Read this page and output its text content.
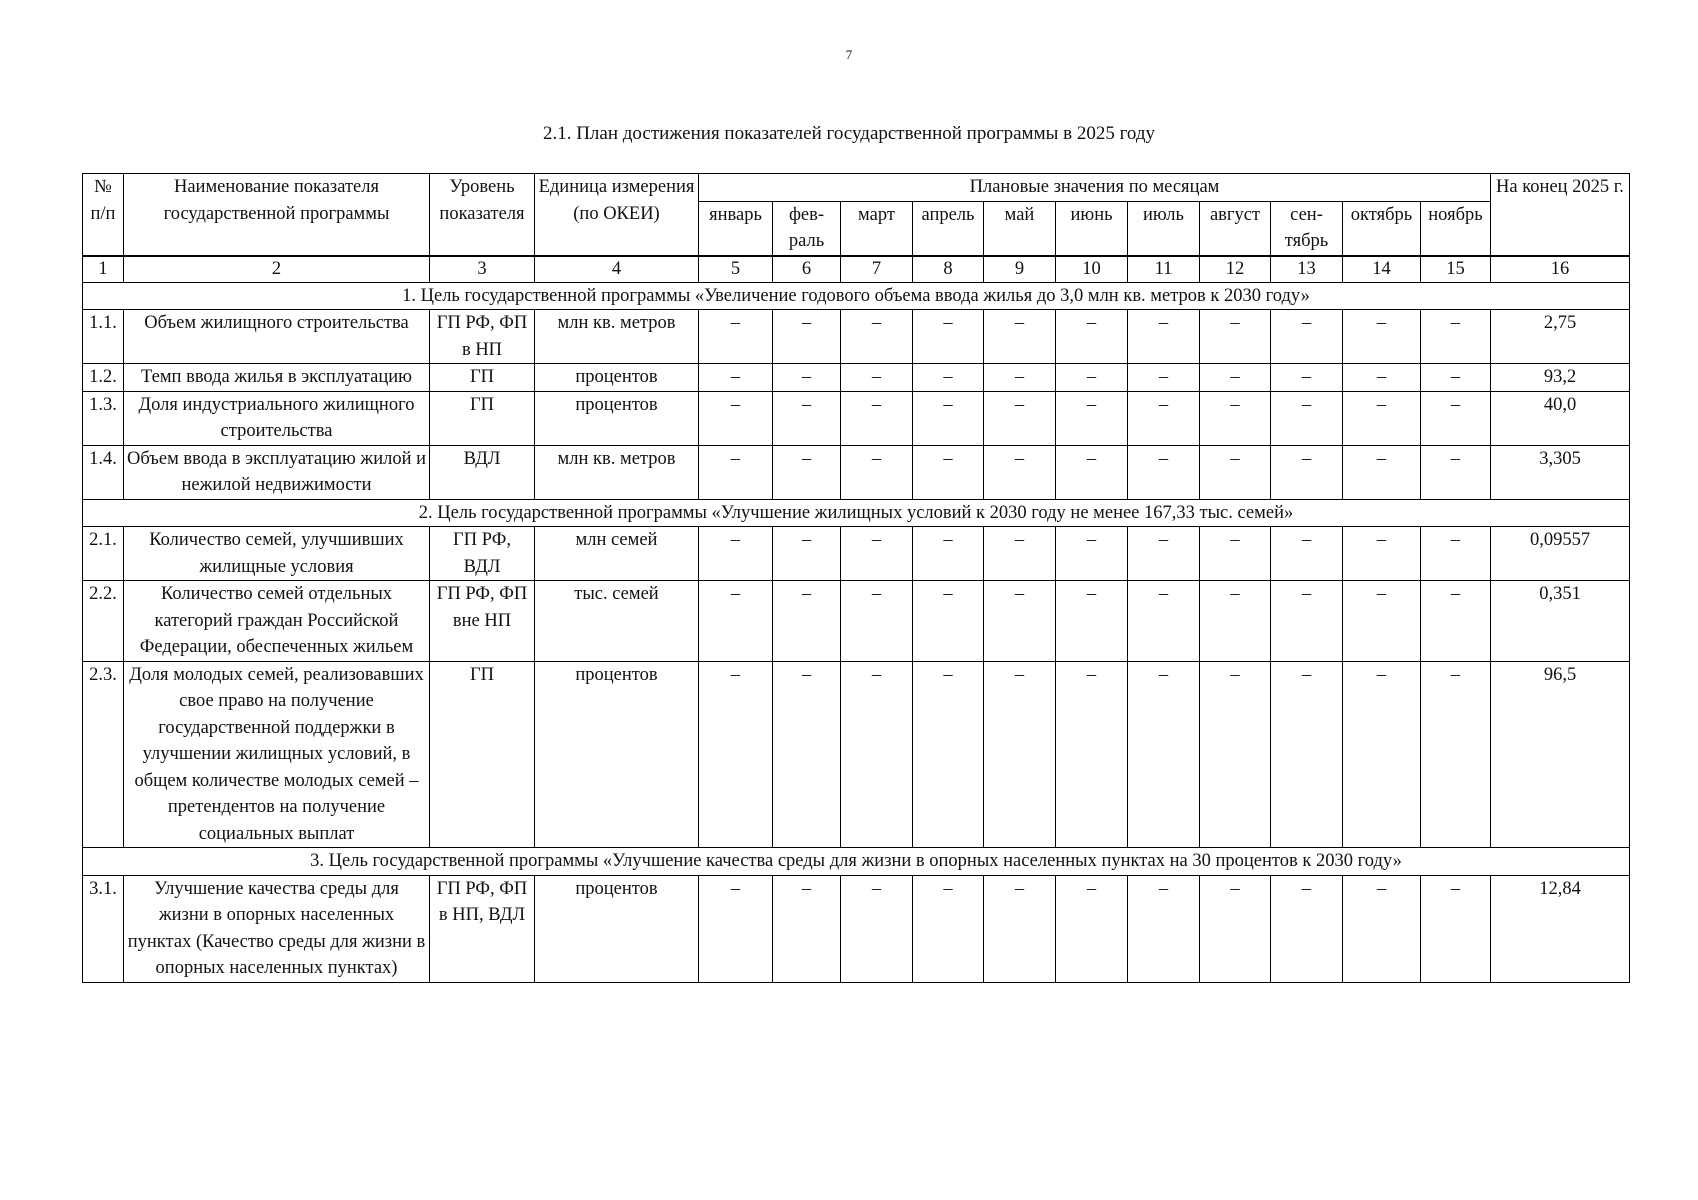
7
2.1. План достижения показателей государственной программы в 2025 году
№ п/п	Наименование показателя государственной программы	Уровень показателя	Единица измерения (по ОКЕИ)	Плановые значения по месяцам											На конец 2025 г.
				январь	фев-раль	март	апрель	май	июнь	июль	август	сен-тябрь	октябрь	ноябрь	
1	2	3	4	5	6	7	8	9	10	11	12	13	14	15	16
1. Цель государственной программы «Увеличение годового объема ввода жилья до 3,0 млн кв. метров к 2030 году»															
1.1.	Объем жилищного строительства	ГП РФ, ФП в НП	млн кв. метров	–	–	–	–	–	–	–	–	–	–	–	2,75
1.2.	Темп ввода жилья в эксплуатацию	ГП	процентов	–	–	–	–	–	–	–	–	–	–	–	93,2
1.3.	Доля индустриального жилищного строительства	ГП	процентов	–	–	–	–	–	–	–	–	–	–	–	40,0
1.4.	Объем ввода в эксплуатацию жилой и нежилой недвижимости	ВДЛ	млн кв. метров	–	–	–	–	–	–	–	–	–	–	–	3,305
2. Цель государственной программы «Улучшение жилищных условий к 2030 году не менее 167,33 тыс. семей»															
2.1.	Количество семей, улучшивших жилищные условия	ГП РФ, ВДЛ	млн семей	–	–	–	–	–	–	–	–	–	–	–	0,09557
2.2.	Количество семей отдельных категорий граждан Российской Федерации, обеспеченных жильем	ГП РФ, ФП вне НП	тыс. семей	–	–	–	–	–	–	–	–	–	–	–	0,351
2.3.	Доля молодых семей, реализовавших свое право на получение государственной поддержки в улучшении жилищных условий, в общем количестве молодых семей – претендентов на получение социальных выплат	ГП	процентов	–	–	–	–	–	–	–	–	–	–	–	96,5
3. Цель государственной программы «Улучшение качества среды для жизни в опорных населенных пунктах на 30 процентов к 2030 году»															
3.1.	Улучшение качества среды для жизни в опорных населенных пунктах (Качество среды для жизни в опорных населенных пунктах)	ГП РФ, ФП в НП, ВДЛ	процентов	–	–	–	–	–	–	–	–	–	–	–	12,84
